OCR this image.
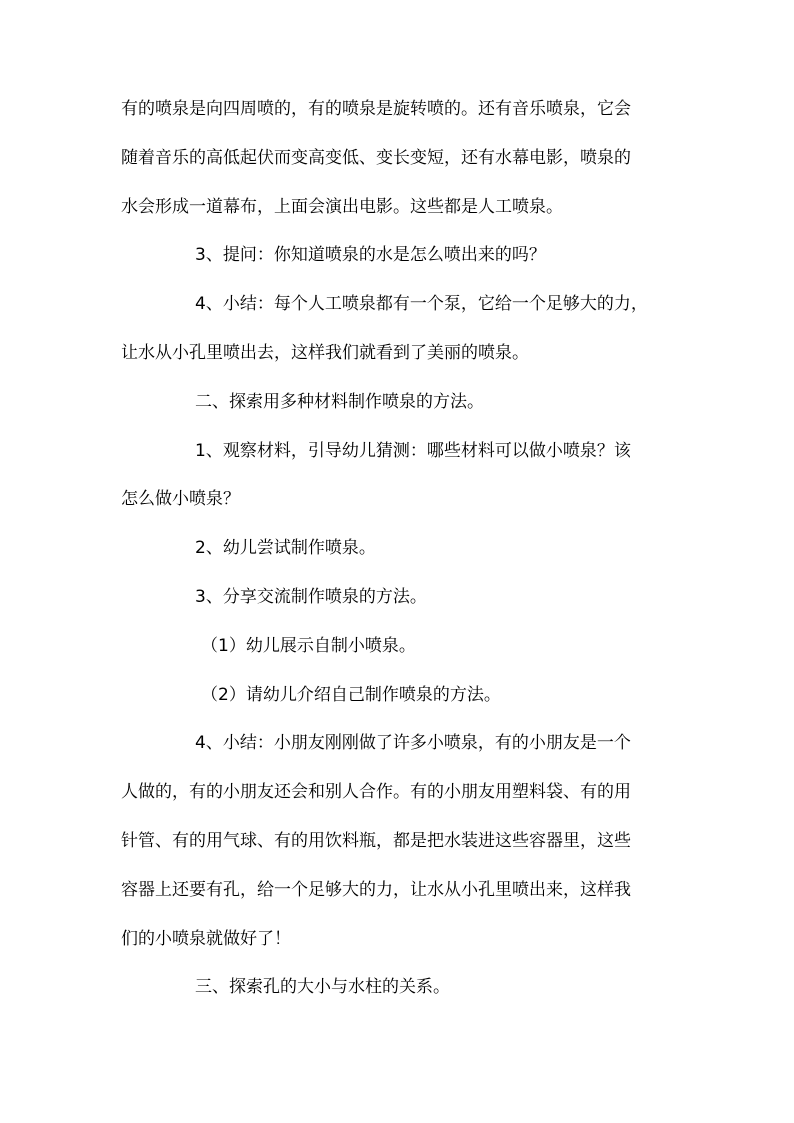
有的喷泉是向四周喷的，有的喷泉是旋转喷的。还有音乐喷泉，它会
随着音乐的高低起伏而变高变低、变长变短，还有水幕电影，喷泉的
水会形成一道幕布，上面会演出电影。这些都是人工喷泉。
3、提问：你知道喷泉的水是怎么喷出来的吗？
4、小结：每个人工喷泉都有一个泵，它给一个足够大的力，
让水从小孔里喷出去，这样我们就看到了美丽的喷泉。
二、探索用多种材料制作喷泉的方法。
1、观察材料，引导幼儿猜测：哪些材料可以做小喷泉？该
怎么做小喷泉？
2、幼儿尝试制作喷泉。
3、分享交流制作喷泉的方法。
（1）幼儿展示自制小喷泉。
（2）请幼儿介绍自己制作喷泉的方法。
4、小结：小朋友刚刚做了许多小喷泉，有的小朋友是一个
人做的，有的小朋友还会和别人合作。有的小朋友用塑料袋、有的用
针管、有的用气球、有的用饮料瓶，都是把水装进这些容器里，这些
容器上还要有孔，给一个足够大的力，让水从小孔里喷出来，这样我
们的小喷泉就做好了！
三、探索孔的大小与水柱的关系。
